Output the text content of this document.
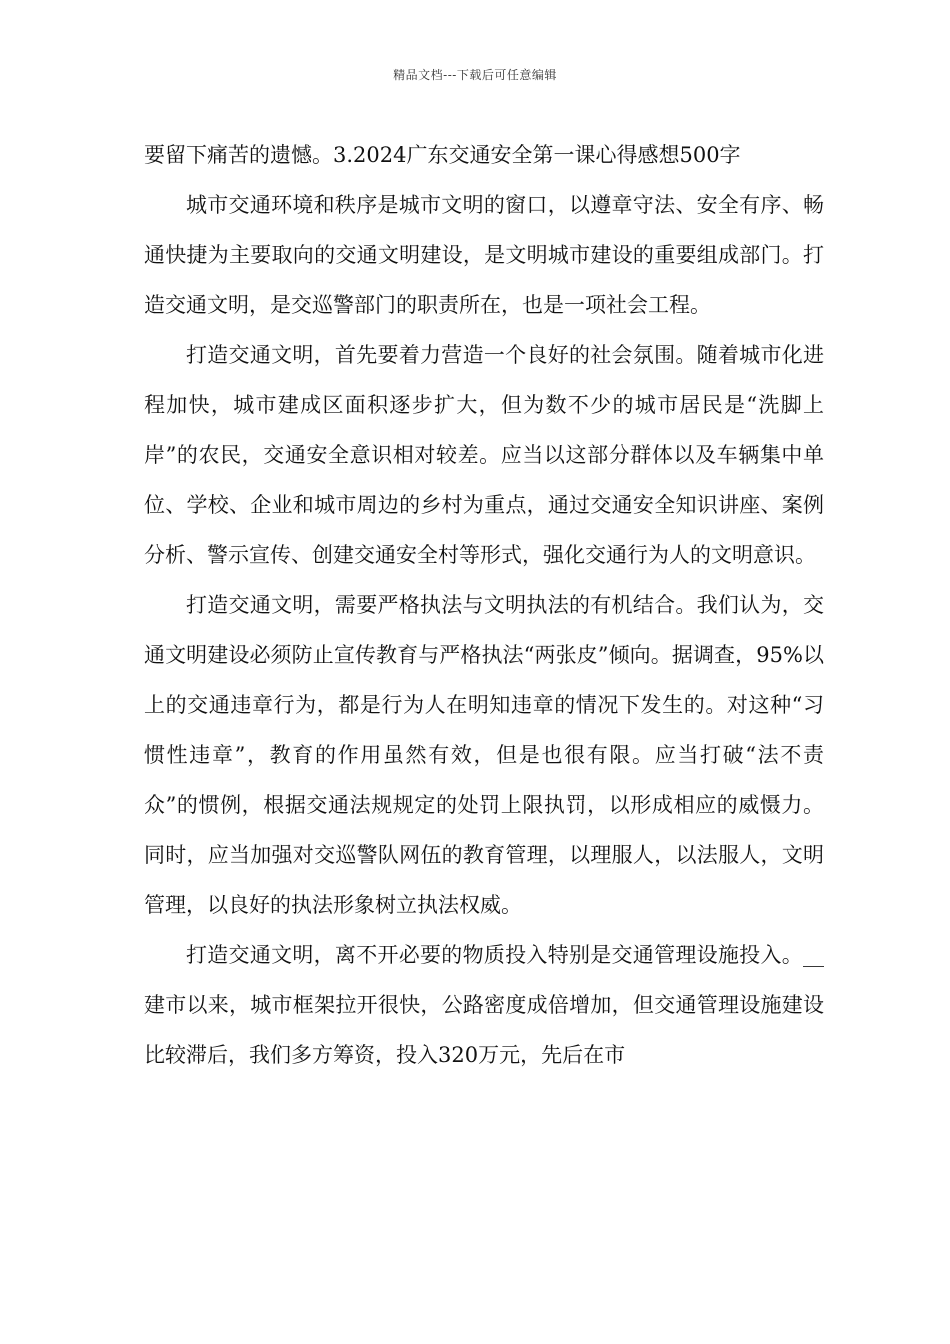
精品文档---下载后可任意编辑

要留下痛苦的遗憾。3.2024广东交通安全第一课心得感想500字

城市交通环境和秩序是城市文明的窗口，以遵章守法、安全有序、畅通快捷为主要取向的交通文明建设，是文明城市建设的重要组成部门。打造交通文明，是交巡警部门的职责所在，也是一项社会工程。

打造交通文明，首先要着力营造一个良好的社会氛围。随着城市化进程加快，城市建成区面积逐步扩大，但为数不少的城市居民是“洗脚上岸”的农民，交通安全意识相对较差。应当以这部分群体以及车辆集中单位、学校、企业和城市周边的乡村为重点，通过交通安全知识讲座、案例分析、警示宣传、创建交通安全村等形式，强化交通行为人的文明意识。

打造交通文明，需要严格执法与文明执法的有机结合。我们认为，交通文明建设必须防止宣传教育与严格执法“两张皮”倾向。据调查，95%以上的交通违章行为，都是行为人在明知违章的情况下发生的。对这种“习惯性违章”，教育的作用虽然有效，但是也很有限。应当打破“法不责众”的惯例，根据交通法规规定的处罚上限执罚，以形成相应的威慑力。同时，应当加强对交巡警队网伍的教育管理，以理服人，以法服人，文明管理，以良好的执法形象树立执法权威。

打造交通文明，离不开必要的物质投入特别是交通管理设施投入。__建市以来，城市框架拉开很快，公路密度成倍增加，但交通管理设施建设比较滞后，我们多方筹资，投入320万元，先后在市
